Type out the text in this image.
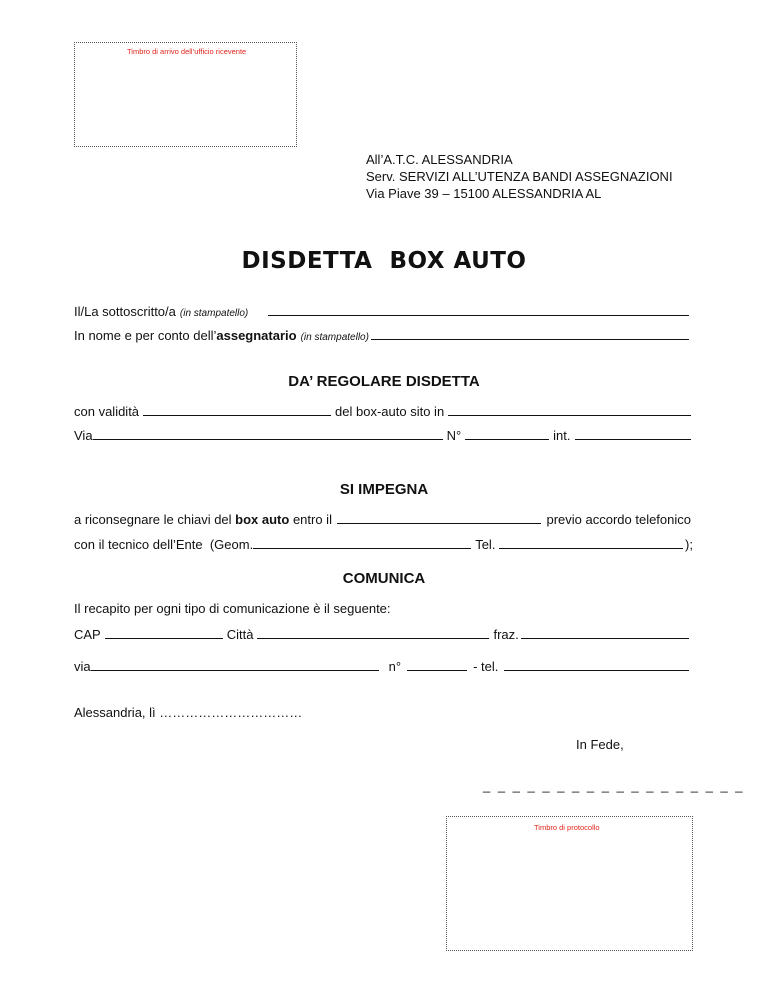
Timbro di arrivo dell’ufficio ricevente
All’A.T.C. ALESSANDRIA
Serv. SERVIZI ALL’UTENZA BANDI ASSEGNAZIONI
Via Piave 39 – 15100 ALESSANDRIA AL
DISDETTA  BOX AUTO
Il/La sottoscritto/a (in stampatello)
In nome e per conto dell’ assegnatario (in stampatello)
DA’ REGOLARE DISDETTA
con validità	del box-auto sito in
Via	N°	int.
SI IMPEGNA
a riconsegnare le chiavi del box auto entro il	previo accordo telefonico
con il tecnico dell’Ente  (Geom.	Tel.	);
COMUNICA
Il recapito per ogni tipo di comunicazione è il seguente:
CAP	Città	fraz.
via	n°	- tel.
Alessandria, lì ……………………………
In Fede,
_ _ _ _ _ _ _ _ _ _ _ _ _ _ _ _ _ _
Timbro di protocollo
